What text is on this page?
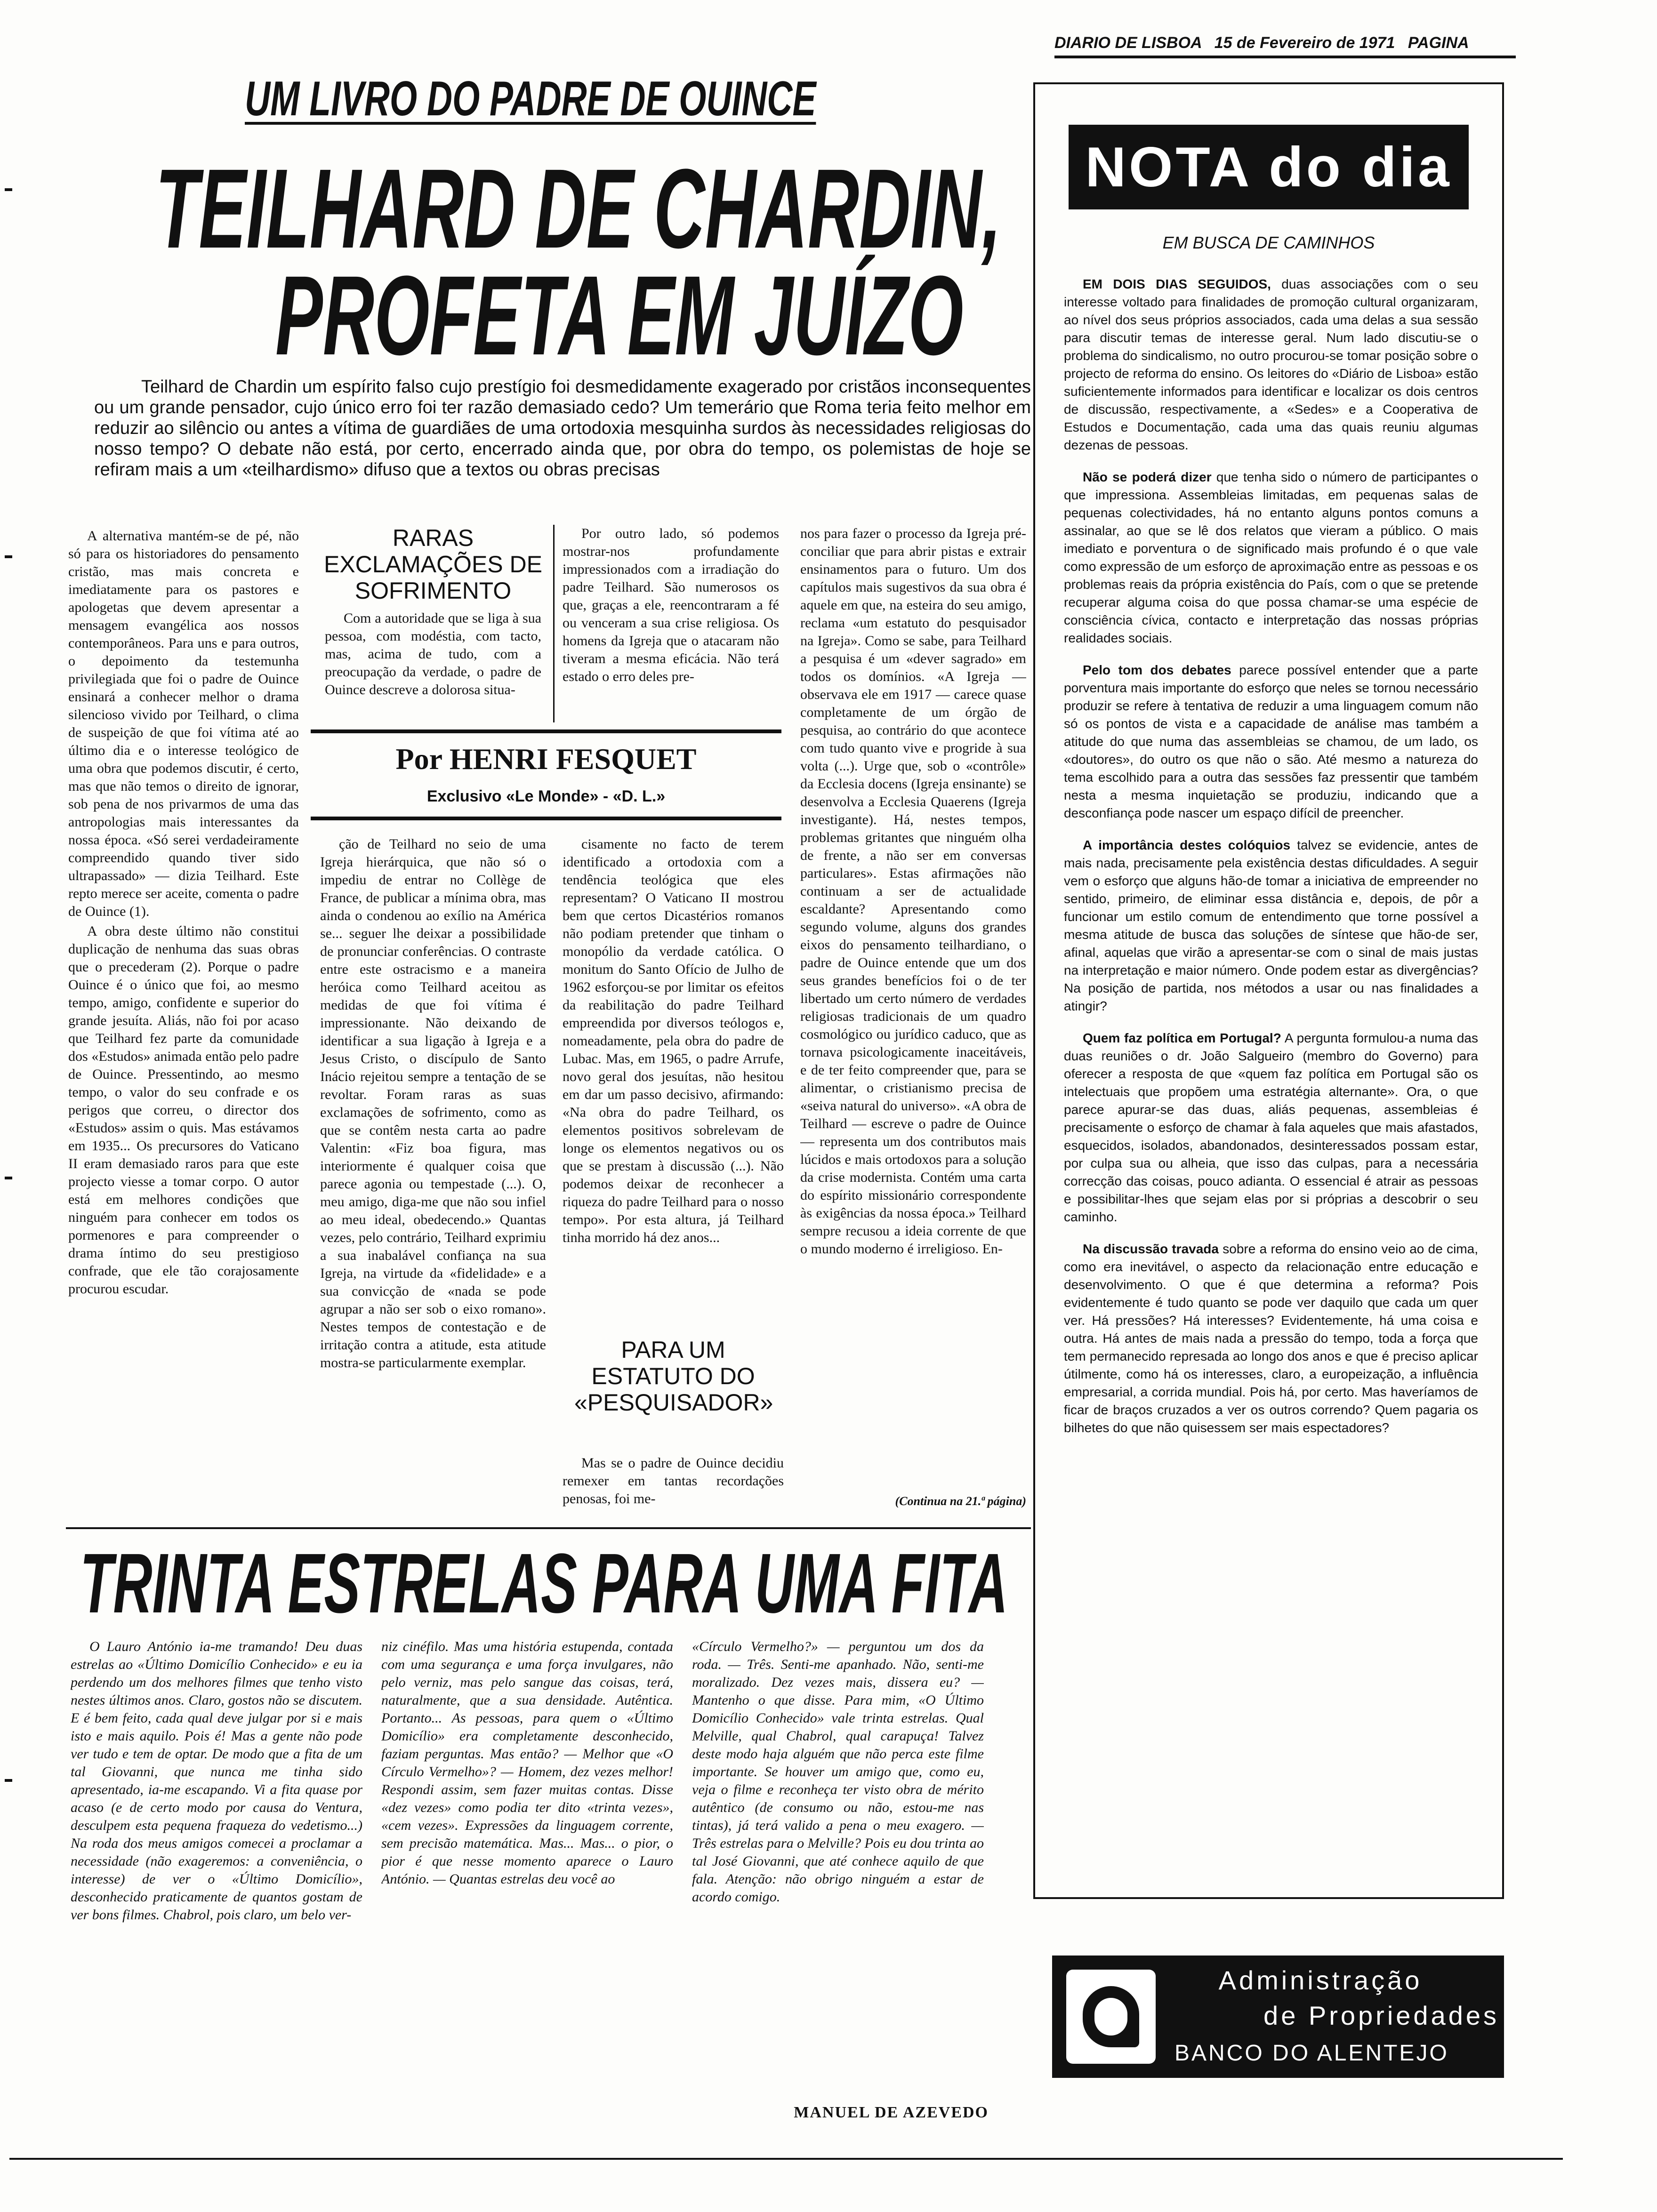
DIARIO DE LISBOA 15 de Fevereiro de 1971 PAGINA
UM LIVRO DO PADRE DE OUINCE
TEILHARD DE CHARDIN,
PROFETA EM JUÍZO
Teilhard de Chardin um espírito falso cujo prestígio foi desmedidamente exagerado por cristãos inconsequentes ou um grande pensador, cujo único erro foi ter razão demasiado cedo? Um temerário que Roma teria feito melhor em reduzir ao silêncio ou antes a vítima de guardiães de uma ortodoxia mesquinha surdos às necessidades religiosas do nosso tempo? O debate não está, por certo, encerrado ainda que, por obra do tempo, os polemistas de hoje se refiram mais a um «teilhardismo» difuso que a textos ou obras precisas

A alternativa mantém-se de pé, não só para os historiadores do pensamento cristão, mas mais concreta e imediatamente para os pastores e apologetas que devem apresentar a mensagem evangélica aos nossos contemporâneos. Para uns e para outros, o depoimento da testemunha privilegiada que foi o padre de Ouince ensinará a conhecer melhor o drama silencioso vivido por Teilhard, o clima de suspeição de que foi vítima até ao último dia e o interesse teológico de uma obra que podemos discutir, é certo, mas que não temos o direito de ignorar, sob pena de nos privarmos de uma das antropologias mais interessantes da nossa época. «Só serei verdadeiramente compreendido quando tiver sido ultrapassado» — dizia Teilhard. Este repto merece ser aceite, comenta o padre de Ouince (1).

A obra deste último não constitui duplicação de nenhuma das suas obras que o precederam (2). Porque o padre Ouince é o único que foi, ao mesmo tempo, amigo, confidente e superior do grande jesuíta. Aliás, não foi por acaso que Teilhard fez parte da comunidade dos «Estudos» animada então pelo padre de Ouince. Pressentindo, ao mesmo tempo, o valor do seu confrade e os perigos que correu, o director dos «Estudos» assim o quis. Mas estávamos em 1935... Os precursores do Vaticano II eram demasiado raros para que este projecto viesse a tomar corpo. O autor está em melhores condições que ninguém para conhecer em todos os pormenores e para compreender o drama íntimo do seu prestigioso confrade, que ele tão corajosamente procurou escudar.

RARAS EXCLAMAÇÕES DE SOFRIMENTO

Com a autoridade que se liga à sua pessoa, com modéstia, com tacto, mas, acima de tudo, com a preocupação da verdade, o padre de Ouince descreve a dolorosa situa-

Por outro lado, só podemos mostrar-nos profundamente impressionados com a irradiação do padre Teilhard. São numerosos os que, graças a ele, reencontraram a fé ou venceram a sua crise religiosa. Os homens da Igreja que o atacaram não tiveram a mesma eficácia. Não terá estado o erro deles pre-

Por HENRI FESQUET
Exclusivo «Le Monde» - «D. L.»

ção de Teilhard no seio de uma Igreja hierárquica, que não só o impediu de entrar no Collège de France, de publicar a mínima obra, mas ainda o condenou ao exílio na América se... seguer lhe deixar a possibilidade de pronunciar conferências. O contraste entre este ostracismo e a maneira heróica como Teilhard aceitou as medidas de que foi vítima é impressionante. Não deixando de identificar a sua ligação à Igreja e a Jesus Cristo, o discípulo de Santo Inácio rejeitou sempre a tentação de se revoltar. Foram raras as suas exclamações de sofrimento, como as que se contêm nesta carta ao padre Valentin: «Fiz boa figura, mas interiormente é qualquer coisa que parece agonia ou tempestade (...). O, meu amigo, diga-me que não sou infiel ao meu ideal, obedecendo.» Quantas vezes, pelo contrário, Teilhard exprimiu a sua inabalável confiança na sua Igreja, na virtude da «fidelidade» e a sua convicção de «nada se pode agrupar a não ser sob o eixo romano». Nestes tempos de contestação e de irritação contra a atitude, esta atitude mostra-se particularmente exemplar.

cisamente no facto de terem identificado a ortodoxia com a tendência teológica que eles representam? O Vaticano II mostrou bem que certos Dicastérios romanos não podiam pretender que tinham o monopólio da verdade católica. O monitum do Santo Ofício de Julho de 1962 esforçou-se por limitar os efeitos da reabilitação do padre Teilhard empreendida por diversos teólogos e, nomeadamente, pela obra do padre de Lubac. Mas, em 1965, o padre Arrufe, novo geral dos jesuítas, não hesitou em dar um passo decisivo, afirmando: «Na obra do padre Teilhard, os elementos positivos sobrelevam de longe os elementos negativos ou os que se prestam à discussão (...). Não podemos deixar de reconhecer a riqueza do padre Teilhard para o nosso tempo». Por esta altura, já Teilhard tinha morrido há dez anos...

PARA UM ESTATUTO DO «PESQUISADOR»

Mas se o padre de Ouince decidiu remexer em tantas recordações penosas, foi me-

nos para fazer o processo da Igreja pré-conciliar que para abrir pistas e extrair ensinamentos para o futuro. Um dos capítulos mais sugestivos da sua obra é aquele em que, na esteira do seu amigo, reclama «um estatuto do pesquisador na Igreja». Como se sabe, para Teilhard a pesquisa é um «dever sagrado» em todos os domínios. «A Igreja — observava ele em 1917 — carece quase completamente de um órgão de pesquisa, ao contrário do que acontece com tudo quanto vive e progride à sua volta (...). Urge que, sob o «contrôle» da Ecclesia docens (Igreja ensinante) se desenvolva a Ecclesia Quaerens (Igreja investigante). Há, nestes tempos, problemas gritantes que ninguém olha de frente, a não ser em conversas particulares». Estas afirmações não continuam a ser de actualidade escaldante? Apresentando como segundo volume, alguns dos grandes eixos do pensamento teilhardiano, o padre de Ouince entende que um dos seus grandes benefícios foi o de ter libertado um certo número de verdades religiosas tradicionais de um quadro cosmológico ou jurídico caduco, que as tornava psicologicamente inaceitáveis, e de ter feito compreender que, para se alimentar, o cristianismo precisa de «seiva natural do universo». «A obra de Teilhard — escreve o padre de Ouince — representa um dos contributos mais lúcidos e mais ortodoxos para a solução da crise modernista. Contém uma carta do espírito missionário correspondente às exigências da nossa época.» Teilhard sempre recusou a ideia corrente de que o mundo moderno é irreligioso. En-

(Continua na 21.ª página)
TRINTA ESTRELAS PARA UMA FITA

O Lauro António ia-me tramando! Deu duas estrelas ao «Último Domicílio Conhecido» e eu ia perdendo um dos melhores filmes que tenho visto nestes últimos anos. Claro, gostos não se discutem. E é bem feito, cada qual deve julgar por si e mais isto e mais aquilo. Pois é! Mas a gente não pode ver tudo e tem de optar. De modo que a fita de um tal Giovanni, que nunca me tinha sido apresentado, ia-me escapando. Vi a fita quase por acaso (e de certo modo por causa do Ventura, desculpem esta pequena fraqueza do vedetismo...) Na roda dos meus amigos comecei a proclamar a necessidade (não exageremos: a conveniência, o interesse) de ver o «Último Domicílio», desconhecido praticamente de quantos gostam de ver bons filmes. Chabrol, pois claro, um belo ver-

niz cinéfilo. Mas uma história estupenda, contada com uma segurança e uma força invulgares, não pelo verniz, mas pelo sangue das coisas, terá, naturalmente, que a sua densidade. Autêntica. Portanto... As pessoas, para quem o «Último Domicílio» era completamente desconhecido, faziam perguntas. Mas então? — Melhor que «O Círculo Vermelho»? — Homem, dez vezes melhor! Respondi assim, sem fazer muitas contas. Disse «dez vezes» como podia ter dito «trinta vezes», «cem vezes». Expressões da linguagem corrente, sem precisão matemática. Mas... Mas... o pior, o pior é que nesse momento aparece o Lauro António. — Quantas estrelas deu você ao

«Círculo Vermelho?» — perguntou um dos da roda. — Três. Senti-me apanhado. Não, senti-me moralizado. Dez vezes mais, dissera eu? — Mantenho o que disse. Para mim, «O Último Domicílio Conhecido» vale trinta estrelas. Qual Melville, qual Chabrol, qual carapuça! Talvez deste modo haja alguém que não perca este filme importante. Se houver um amigo que, como eu, veja o filme e reconheça ter visto obra de mérito autêntico (de consumo ou não, estou-me nas tintas), já terá valido a pena o meu exagero. — Três estrelas para o Melville? Pois eu dou trinta ao tal José Giovanni, que até conhece aquilo de que fala. Atenção: não obrigo ninguém a estar de acordo comigo.

MANUEL DE AZEVEDO
NOTA do dia
EM BUSCA DE CAMINHOS

EM DOIS DIAS SEGUIDOS, duas associações com o seu interesse voltado para finalidades de promoção cultural organizaram, ao nível dos seus próprios associados, cada uma delas a sua sessão para discutir temas de interesse geral. Num lado discutiu-se o problema do sindicalismo, no outro procurou-se tomar posição sobre o projecto de reforma do ensino. Os leitores do «Diário de Lisboa» estão suficientemente informados para identificar e localizar os dois centros de discussão, respectivamente, a «Sedes» e a Cooperativa de Estudos e Documentação, cada uma das quais reuniu algumas dezenas de pessoas.

Não se poderá dizer que tenha sido o número de participantes o que impressiona. Assembleias limitadas, em pequenas salas de pequenas colectividades, há no entanto alguns pontos comuns a assinalar, ao que se lê dos relatos que vieram a público. O mais imediato e porventura o de significado mais profundo é o que vale como expressão de um esforço de aproximação entre as pessoas e os problemas reais da própria existência do País, com o que se pretende recuperar alguma coisa do que possa chamar-se uma espécie de consciência cívica, contacto e interpretação das nossas próprias realidades sociais.

Pelo tom dos debates parece possível entender que a parte porventura mais importante do esforço que neles se tornou necessário produzir se refere à tentativa de reduzir a uma linguagem comum não só os pontos de vista e a capacidade de análise mas também a atitude do que numa das assembleias se chamou, de um lado, os «doutores», do outro os que não o são. Até mesmo a natureza do tema escolhido para a outra das sessões faz pressentir que também nesta a mesma inquietação se produziu, indicando que a desconfiança pode nascer um espaço difícil de preencher.

A importância destes colóquios talvez se evidencie, antes de mais nada, precisamente pela existência destas dificuldades. A seguir vem o esforço que alguns hão-de tomar a iniciativa de empreender no sentido, primeiro, de eliminar essa distância e, depois, de pôr a funcionar um estilo comum de entendimento que torne possível a mesma atitude de busca das soluções de síntese que hão-de ser, afinal, aquelas que virão a apresentar-se com o sinal de mais justas na interpretação e maior número. Onde podem estar as divergências? Na posição de partida, nos métodos a usar ou nas finalidades a atingir?

Quem faz política em Portugal? A pergunta formulou-a numa das duas reuniões o dr. João Salgueiro (membro do Governo) para oferecer a resposta de que «quem faz política em Portugal são os intelectuais que propõem uma estratégia alternante». Ora, o que parece apurar-se das duas, aliás pequenas, assembleias é precisamente o esforço de chamar à fala aqueles que mais afastados, esquecidos, isolados, abandonados, desinteressados possam estar, por culpa sua ou alheia, que isso das culpas, para a necessária correcção das coisas, pouco adianta. O essencial é atrair as pessoas e possibilitar-lhes que sejam elas por si próprias a descobrir o seu caminho.

Na discussão travada sobre a reforma do ensino veio ao de cima, como era inevitável, o aspecto da relacionação entre educação e desenvolvimento. O que é que determina a reforma? Pois evidentemente é tudo quanto se pode ver daquilo que cada um quer ver. Há pressões? Há interesses? Evidentemente, há uma coisa e outra. Há antes de mais nada a pressão do tempo, toda a força que tem permanecido represada ao longo dos anos e que é preciso aplicar útilmente, como há os interesses, claro, a europeização, a influência empresarial, a corrida mundial. Pois há, por certo. Mas haveríamos de ficar de braços cruzados a ver os outros correndo? Quem pagaria os bilhetes do que não quisessem ser mais espectadores?

Administração
de Propriedades
BANCO DO ALENTEJO
